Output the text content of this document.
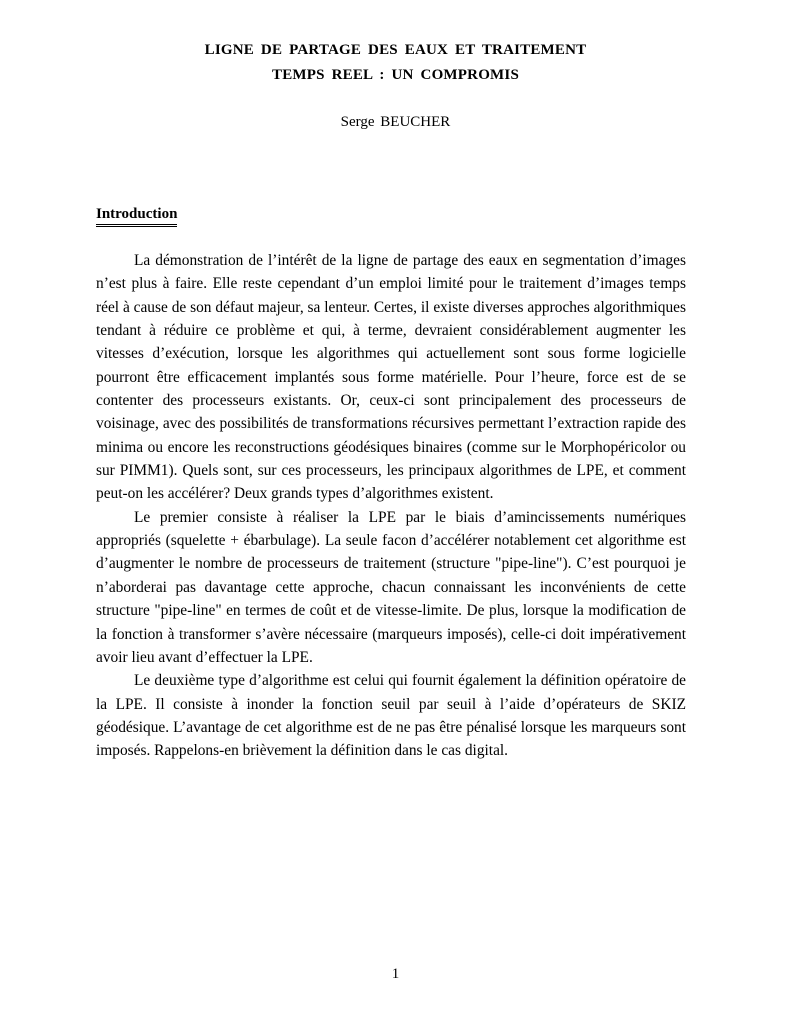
LIGNE DE PARTAGE DES EAUX ET TRAITEMENT
TEMPS REEL : UN COMPROMIS

Serge BEUCHER

Introduction

La démonstration de l’intérêt de la ligne de partage des eaux en segmentation d’images n’est plus à faire. Elle reste cependant d’un emploi limité pour le traitement d’images temps réel à cause de son défaut majeur, sa lenteur. Certes, il existe diverses approches algorithmiques tendant à réduire ce problème et qui, à terme, devraient considérablement augmenter les vitesses d’exécution, lorsque les algorithmes qui actuellement sont sous forme logicielle pourront être efficacement implantés sous forme matérielle. Pour l’heure, force est de se contenter des processeurs existants. Or, ceux-ci sont principalement des processeurs de voisinage, avec des possibilités de transformations récursives permettant l’extraction rapide des minima ou encore les reconstructions géodésiques binaires (comme sur le Morphopéricolor ou sur PIMM1). Quels sont, sur ces processeurs, les principaux algorithmes de LPE, et comment peut-on les accélérer? Deux grands types d’algorithmes existent.

Le premier consiste à réaliser la LPE par le biais d’amincissements numériques appropriés (squelette + ébarbulage). La seule facon d’accélérer notablement cet algorithme est d’augmenter le nombre de processeurs de traitement (structure "pipe-line"). C’est pourquoi je n’aborderai pas davantage cette approche, chacun connaissant les inconvénients de cette structure "pipe-line" en termes de coût et de vitesse-limite. De plus, lorsque la modification de la fonction à transformer s’avère nécessaire (marqueurs imposés), celle-ci doit impérativement avoir lieu avant d’effectuer la LPE.

Le deuxième type d’algorithme est celui qui fournit également la définition opératoire de la LPE. Il consiste à inonder la fonction seuil par seuil à l’aide d’opérateurs de SKIZ géodésique. L’avantage de cet algorithme est de ne pas être pénalisé lorsque les marqueurs sont imposés. Rappelons-en brièvement la définition dans le cas digital.

1
